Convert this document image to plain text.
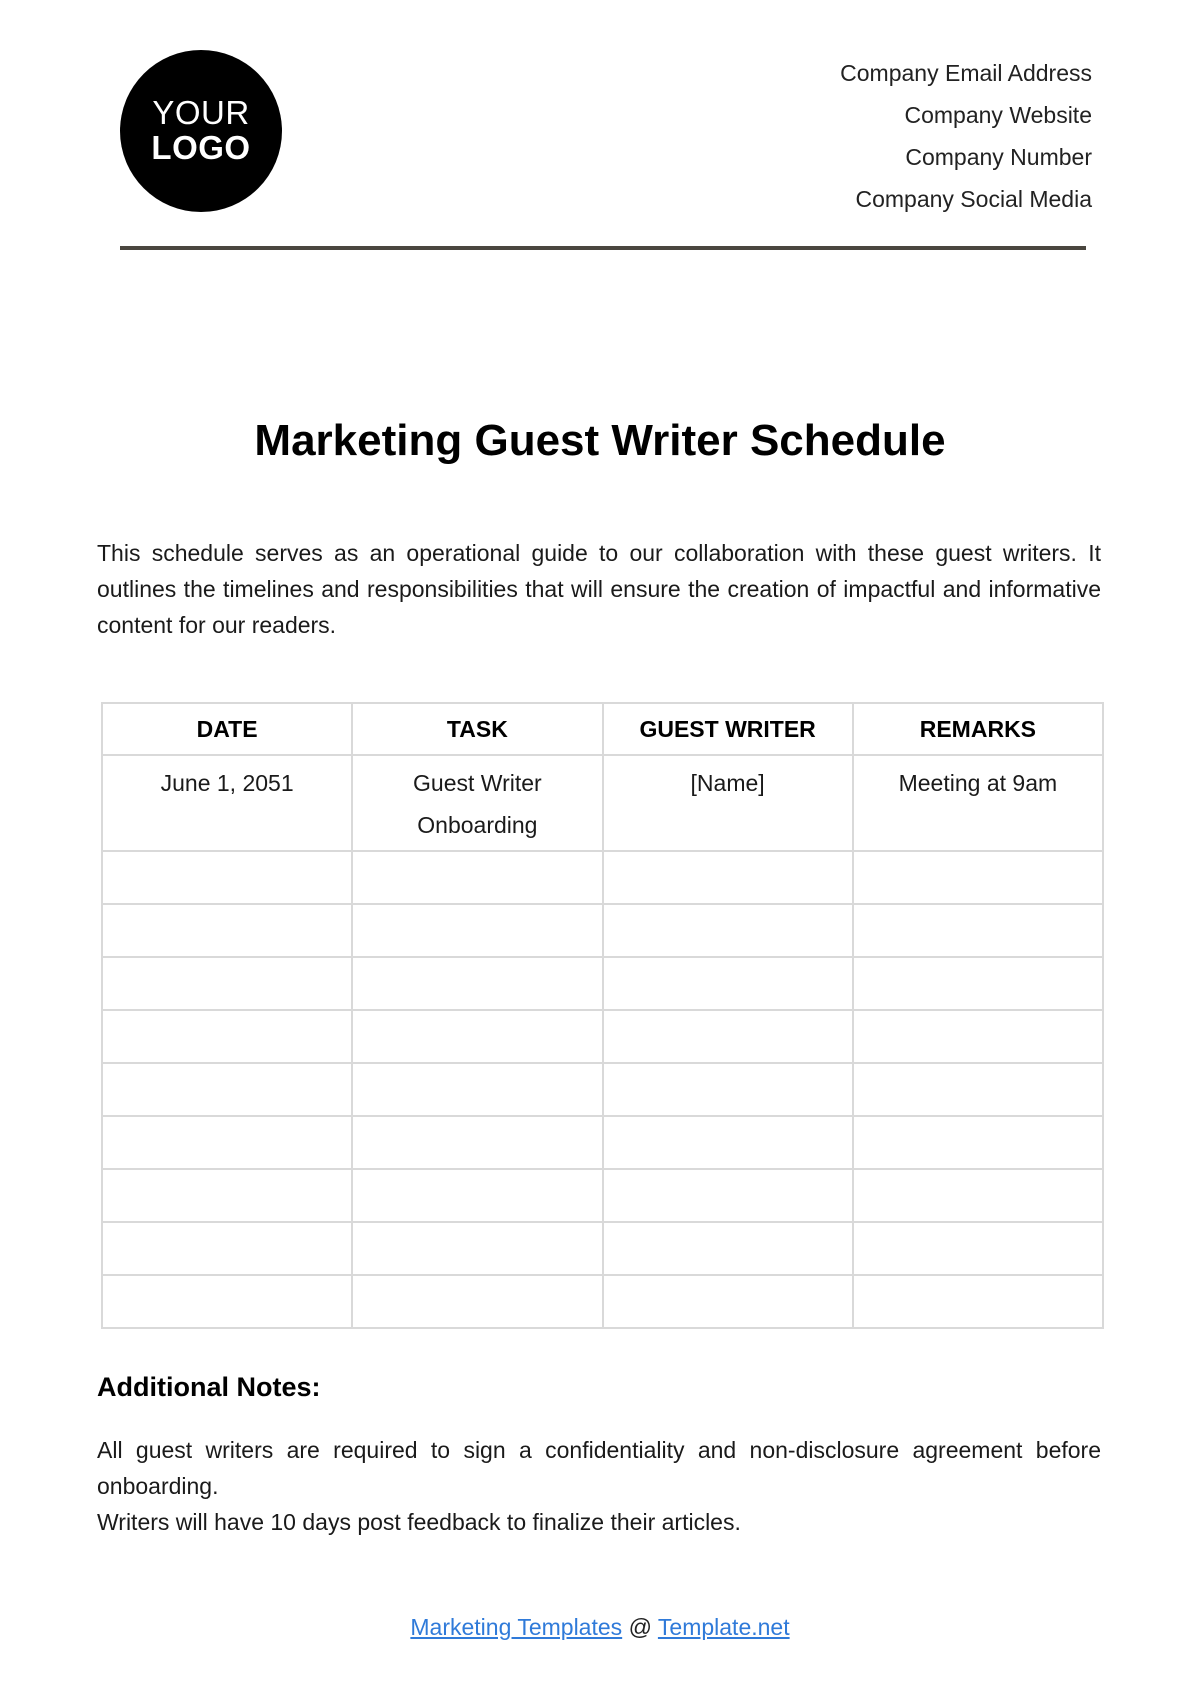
YOUR
LOGO
Company Email Address
Company Website
Company Number
Company Social Media
Marketing Guest Writer Schedule

This schedule serves as an operational guide to our collaboration with these guest writers. It outlines the timelines and responsibilities that will ensure the creation of impactful and informative content for our readers.

DATE	TASK	GUEST WRITER	REMARKS
June 1, 2051	Guest Writer Onboarding	[Name]	Meeting at 9am

Additional Notes:

All guest writers are required to sign a confidentiality and non-disclosure agreement before onboarding.

Writers will have 10 days post feedback to finalize their articles.

Marketing Templates @ Template.net
